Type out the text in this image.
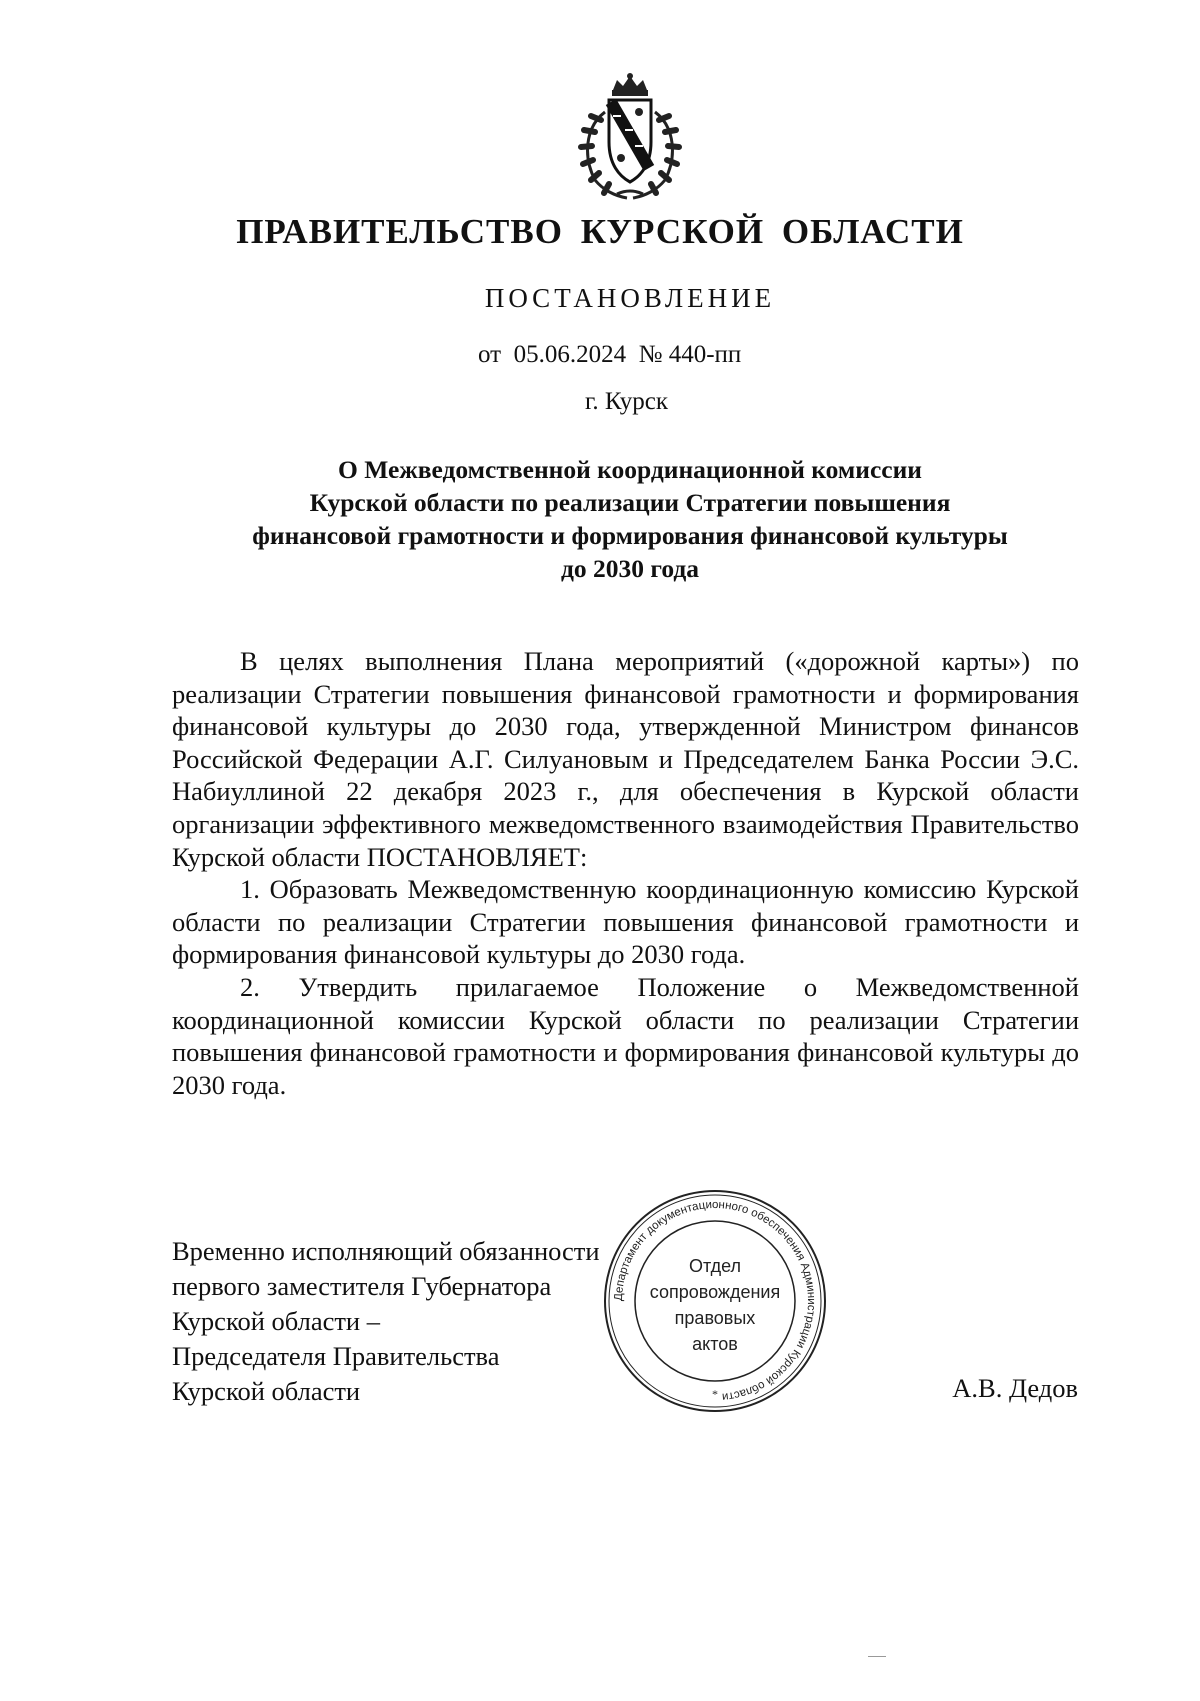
ПРАВИТЕЛЬСТВО КУРСКОЙ ОБЛАСТИ
ПОСТАНОВЛЕНИЕ
от  05.06.2024  № 440-пп
г. Курск
О Межведомственной координационной комиссии
Курской области по реализации Стратегии повышения
финансовой грамотности и формирования финансовой культуры
до 2030 года

В целях выполнения Плана мероприятий («дорожной карты») по реализации Стратегии повышения финансовой грамотности и формирования финансовой культуры до 2030 года, утвержденной Министром финансов Российской Федерации А.Г. Силуановым и Председателем Банка России Э.С. Набиуллиной 22 декабря 2023 г., для обеспечения в Курской области организации эффективного межведомственного взаимодействия Правительство Курской области ПОСТАНОВЛЯЕТ:

1. Образовать Межведомственную координационную комиссию Курской области по реализации Стратегии повышения финансовой грамотности и формирования финансовой культуры до 2030 года.

2. Утвердить прилагаемое Положение о Межведомственной координационной комиссии Курской области по реализации Стратегии повышения финансовой грамотности и формирования финансовой культуры до 2030 года.

Временно исполняющий обязанности
первого заместителя Губернатора
Курской области –
Председателя Правительства
Курской области
Департамент документационного обеспечения Администрации Курской области
Отдел
сопровождения
правовых
актов
*	А.В. Дедов
